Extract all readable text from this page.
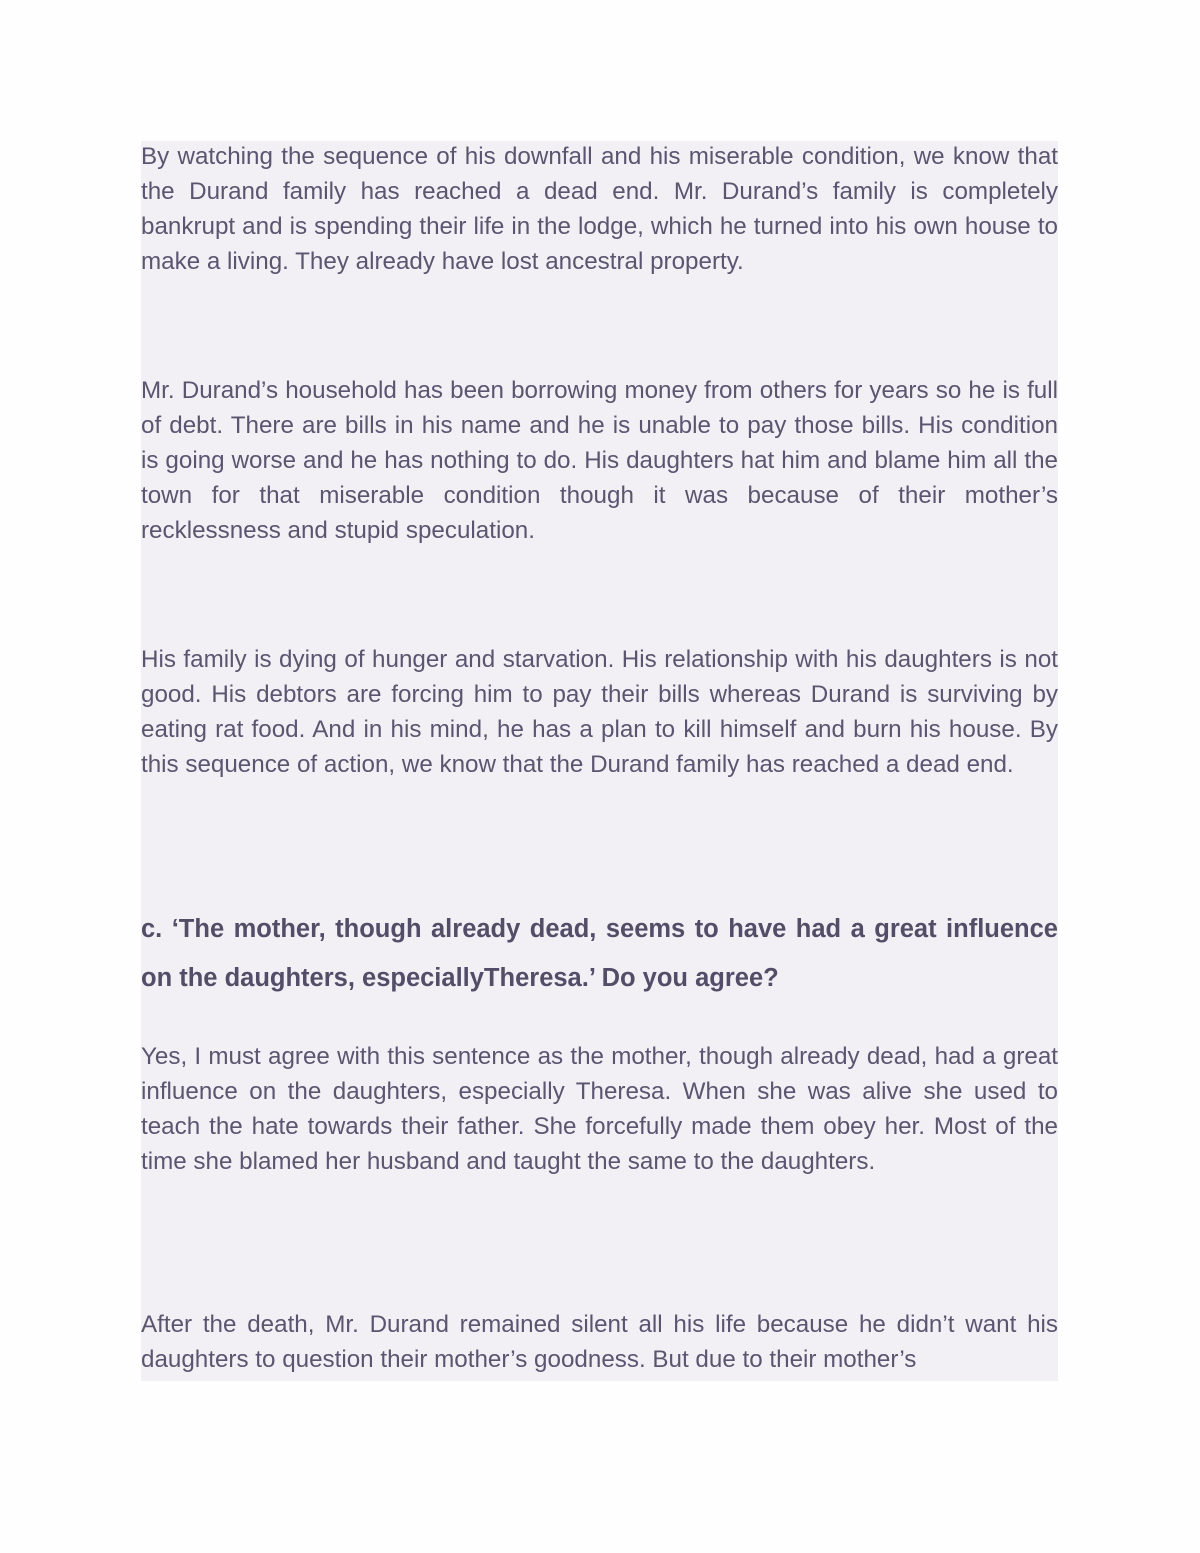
By watching the sequence of his downfall and his miserable condition, we know that the Durand family has reached a dead end. Mr. Durand’s family is completely bankrupt and is spending their life in the lodge, which he turned into his own house to make a living. They already have lost ancestral property.

Mr. Durand’s household has been borrowing money from others for years so he is full of debt. There are bills in his name and he is unable to pay those bills. His condition is going worse and he has nothing to do. His daughters hat him and blame him all the town for that miserable condition though it was because of their mother’s recklessness and stupid speculation.

His family is dying of hunger and starvation. His relationship with his daughters is not good. His debtors are forcing him to pay their bills whereas Durand is surviving by eating rat food. And in his mind, he has a plan to kill himself and burn his house. By this sequence of action, we know that the Durand family has reached a dead end.

c. ‘The mother, though already dead, seems to have had a great influence on the daughters, especiallyTheresa.’ Do you agree?

Yes, I must agree with this sentence as the mother, though already dead, had a great influence on the daughters, especially Theresa. When she was alive she used to teach the hate towards their father. She forcefully made them obey her. Most of the time she blamed her husband and taught the same to the daughters.

After the death, Mr. Durand remained silent all his life because he didn’t want his daughters to question their mother’s goodness. But due to their mother’s
